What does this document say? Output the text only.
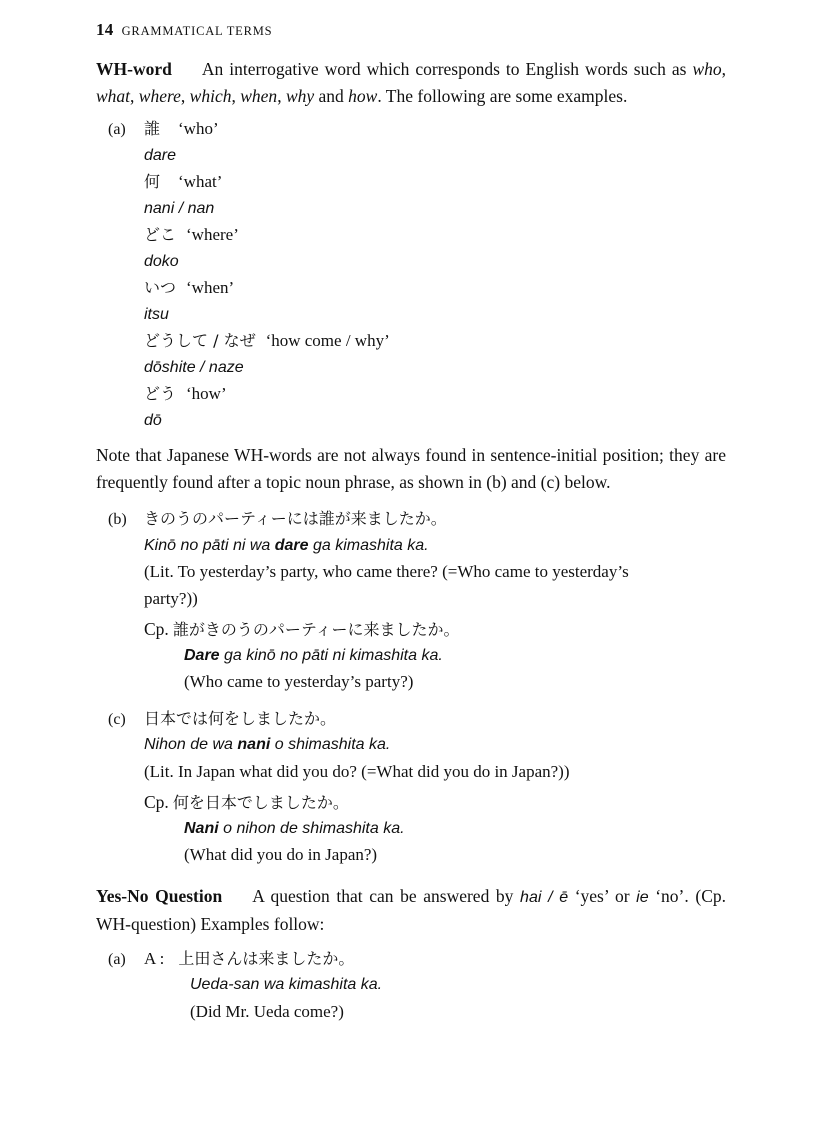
14 GRAMMATICAL TERMS

WH-word An interrogative word which corresponds to English words such as who, what, where, which, when, why and how. The following are some examples.

(a) 誰 ‘who’
dare
何 ‘what’
nani / nan
どこ ‘where’
doko
いつ ‘when’
itsu
どうして / なぜ ‘how come / why’
dōshite / naze
どう ‘how’
dō

Note that Japanese WH-words are not always found in sentence-initial position; they are frequently found after a topic noun phrase, as shown in (b) and (c) below.

(b) きのうのパーティーには誰が来ましたか。
Kinō no pāti ni wa dare ga kimashita ka.
(Lit. To yesterday’s party, who came there? (=Who came to yesterday’s
party?))
Cp. 誰がきのうのパーティーに来ましたか。
Dare ga kinō no pāti ni kimashita ka.
(Who came to yesterday’s party?)
(c) 日本では何をしましたか。
Nihon de wa nani o shimashita ka.
(Lit. In Japan what did you do? (=What did you do in Japan?))
Cp. 何を日本でしましたか。
Nani o nihon de shimashita ka.
(What did you do in Japan?)

Yes-No Question A question that can be answered by hai / ē ‘yes’ or ie ‘no’. (Cp. WH-question) Examples follow:

(a) A : 上田さんは来ましたか。
Ueda-san wa kimashita ka.
(Did Mr. Ueda come?)
